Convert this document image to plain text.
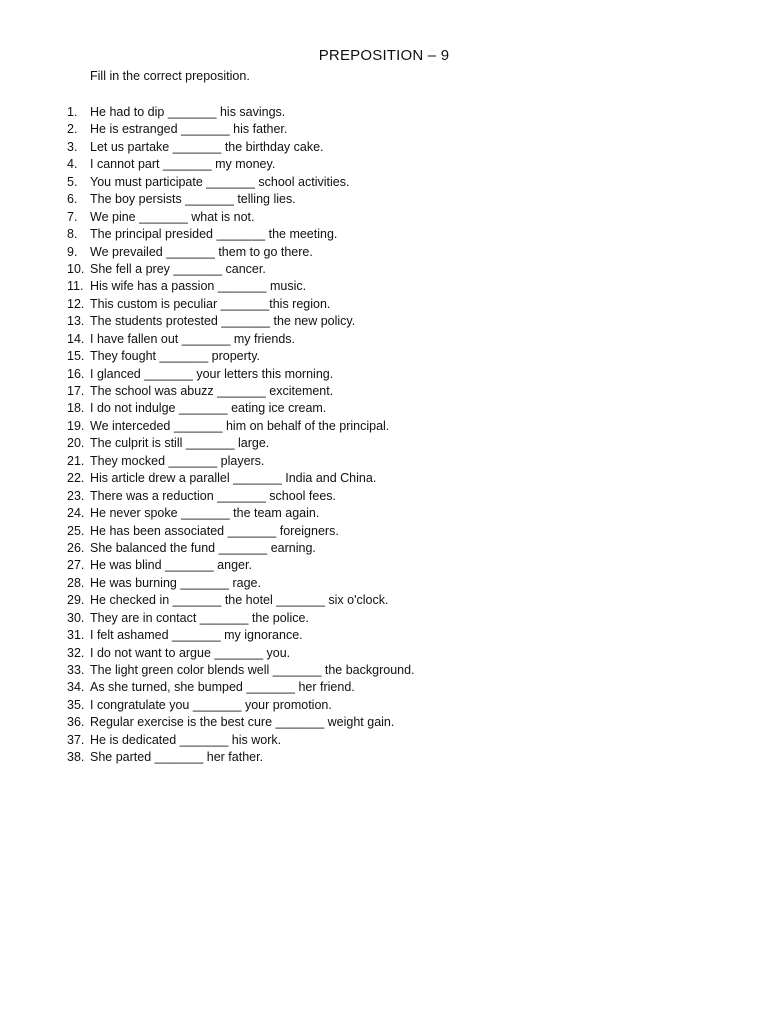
PREPOSITION – 9
Fill in the correct preposition.
1.	He had to dip _______ his savings.
2.	He is estranged _______ his father.
3.	Let us partake _______ the birthday cake.
4.	I cannot part _______ my money.
5.	You must participate _______ school activities.
6.	The boy persists _______ telling lies.
7.	We pine _______ what is not.
8.	The principal presided _______ the meeting.
9.	We prevailed _______ them to go there.
10. She fell a prey _______ cancer.
11. His wife has a passion _______ music.
12. This custom is peculiar _______this region.
13. The students protested _______ the new policy.
14. I have fallen out _______ my friends.
15. They fought _______ property.
16. I glanced _______ your letters this morning.
17. The school was abuzz _______ excitement.
18. I do not indulge _______ eating ice cream.
19. We interceded _______ him on behalf of the principal.
20. The culprit is still _______ large.
21. They mocked _______ players.
22. His article drew a parallel _______ India and China.
23. There was a reduction _______ school fees.
24. He never spoke _______ the team again.
25. He has been associated _______ foreigners.
26. She balanced the fund _______ earning.
27. He was blind _______ anger.
28. He was burning _______ rage.
29. He checked in _______ the hotel _______ six o'clock.
30. They are in contact _______ the police.
31. I felt ashamed _______ my ignorance.
32. I do not want to argue _______ you.
33. The light green color blends well _______ the background.
34. As she turned, she bumped _______ her friend.
35. I congratulate you _______ your promotion.
36. Regular exercise is the best cure _______ weight gain.
37. He is dedicated _______ his work.
38. She parted _______ her father.
